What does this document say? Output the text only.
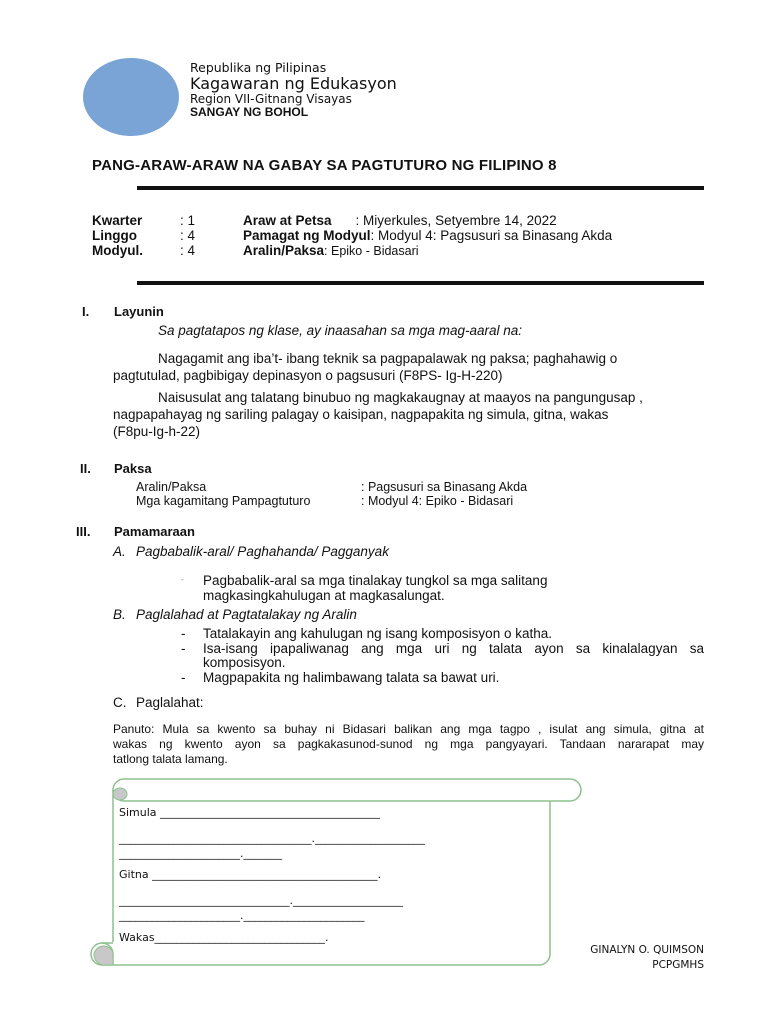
Republika ng Pilipinas
Kagawaran ng Edukasyon
Region VII-Gitnang Visayas
SANGAY NG BOHOL
PANG-ARAW-ARAW NA GABAY SA PAGTUTURO NG FILIPINO 8
Kwarter	: 1
Linggo	: 4
Modyul.	: 4
Araw at Petsa : Miyerkules, Setyembre 14, 2022
Pamagat ng Modyul: Modyul 4: Pagsusuri sa Binasang Akda
Aralin/Paksa: Epiko - Bidasari
I. Layunin
Sa pagtatapos ng klase, ay inaasahan sa mga mag-aaral na:
Nagagamit ang iba’t- ibang teknik sa pagpapalawak ng paksa; paghahawig o
pagtutulad, pagbibigay depinasyon o pagsusuri (F8PS- Ig-H-220)
Naisusulat ang talatang binubuo ng magkakaugnay at maayos na pangungusap ,
nagpapahayag ng sariling palagay o kaisipan, nagpapakita ng simula, gitna, wakas
(F8pu-Ig-h-22)
II. Paksa
Aralin/Paksa	: Pagsusuri sa Binasang Akda
Mga kagamitang Pampagtuturo	: Modyul 4: Epiko - Bidasari
III. Pamamaraan
A. Pagbabalik-aral/ Paghahanda/ Pagganyak
- Pagbabalik-aral sa mga tinalakay tungkol sa mga salitang
magkasingkahulugan at magkasalungat.
B. Paglalahad at Pagtatalakay ng Aralin
- Tatalakayin ang kahulugan ng isang komposisyon o katha.
- Isa-isang ipapaliwanag ang mga uri ng talata ayon sa kinalalagyan sa
komposisyon.
- Magpapakita ng halimbawang talata sa bawat uri.
C. Paglalahat:
Panuto: Mula sa kwento sa buhay ni Bidasari balikan ang mga tagpo , isulat ang simula, gitna at
wakas ng kwento ayon sa pagkakasunod-sunod ng mga pangyayari. Tandaan nararapat may
tatlong talata lamang.
Simula ________________________________________
___________________________________.____________________
______________________._______
Gitna _________________________________________.
_______________________________.____________________
______________________.______________________
Wakas_______________________________.
GINALYN O. QUIMSON
PCPGMHS
